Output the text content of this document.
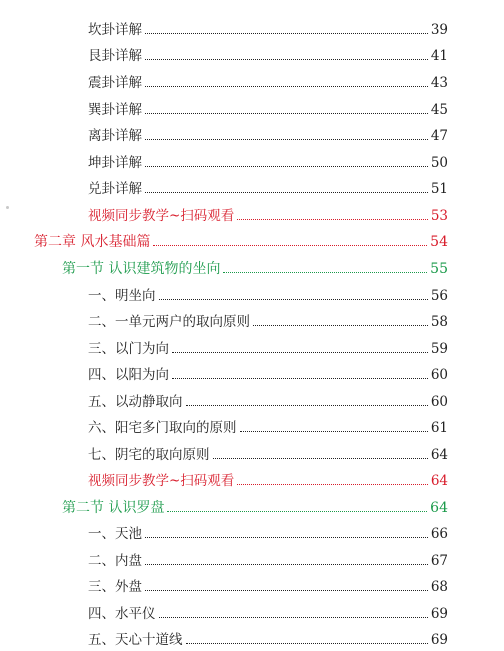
坎卦详解	39
艮卦详解	41
震卦详解	43
巽卦详解	45
离卦详解	47
坤卦详解	50
兑卦详解	51
视频同步教学~扫码观看	53
第二章 风水基础篇	54
第一节 认识建筑物的坐向	55
一、明坐向	56
二、一单元两户的取向原则	58
三、以门为向	59
四、以阳为向	60
五、以动静取向	60
六、阳宅多门取向的原则	61
七、阴宅的取向原则	64
视频同步教学~扫码观看	64
第二节 认识罗盘	64
一、天池	66
二、内盘	67
三、外盘	68
四、水平仪	69
五、天心十道线	69
